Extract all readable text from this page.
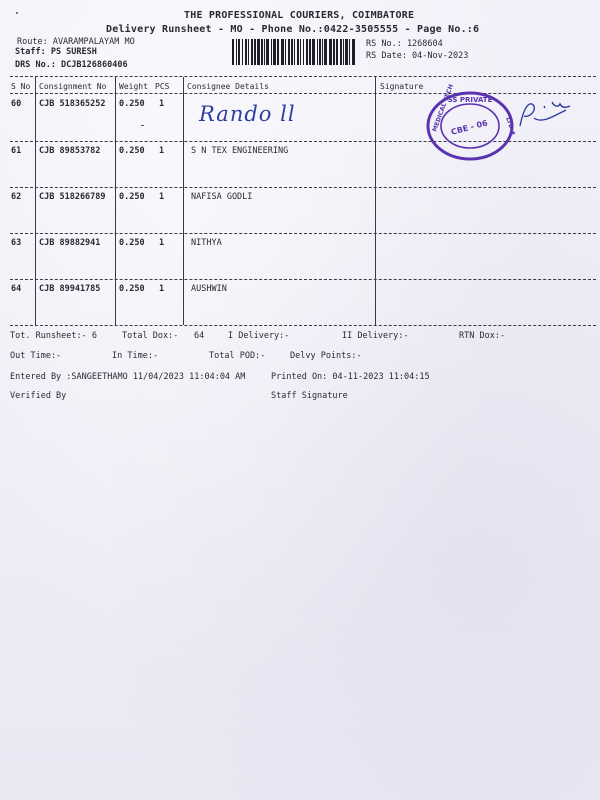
THE PROFESSIONAL COURIERS, COIMBATORE
Delivery Runsheet - MO - Phone No.:0422-3505555 - Page No.:6
Route: AVARAMPALAYAM MO
Staff: PS SURESH
DRS No.: DCJB126860406
RS No.: 1268604
RS Date: 04-Nov-2023
S No Consignment No Weight PCS Consignee Details	Signature
60 CJB 518365252 0.250 1 Rando ll
SS PRIVATE
MEDICAL TECH	LTD ★
CBE - 06
61 CJB 89853782 0.250 1	S N TEX ENGINEERING
62 CJB 518266789 0.250 1	NAFISA GODLI
63 CJB 89882941 0.250 1	NITHYA
64 CJB 89941785 0.250 1	AUSHWIN
Tot. Runsheet:- 6	Total Dox:- 64	I Delivery:-	II Delivery:-	RTN Dox:-
Out Time:-	In Time:-	Total POD:-	Delvy Points:-
Entered By :SANGEETHAMO 11/04/2023 11:04:04 AM	Printed On: 04-11-2023 11:04:15
Verified By	Staff Signature
